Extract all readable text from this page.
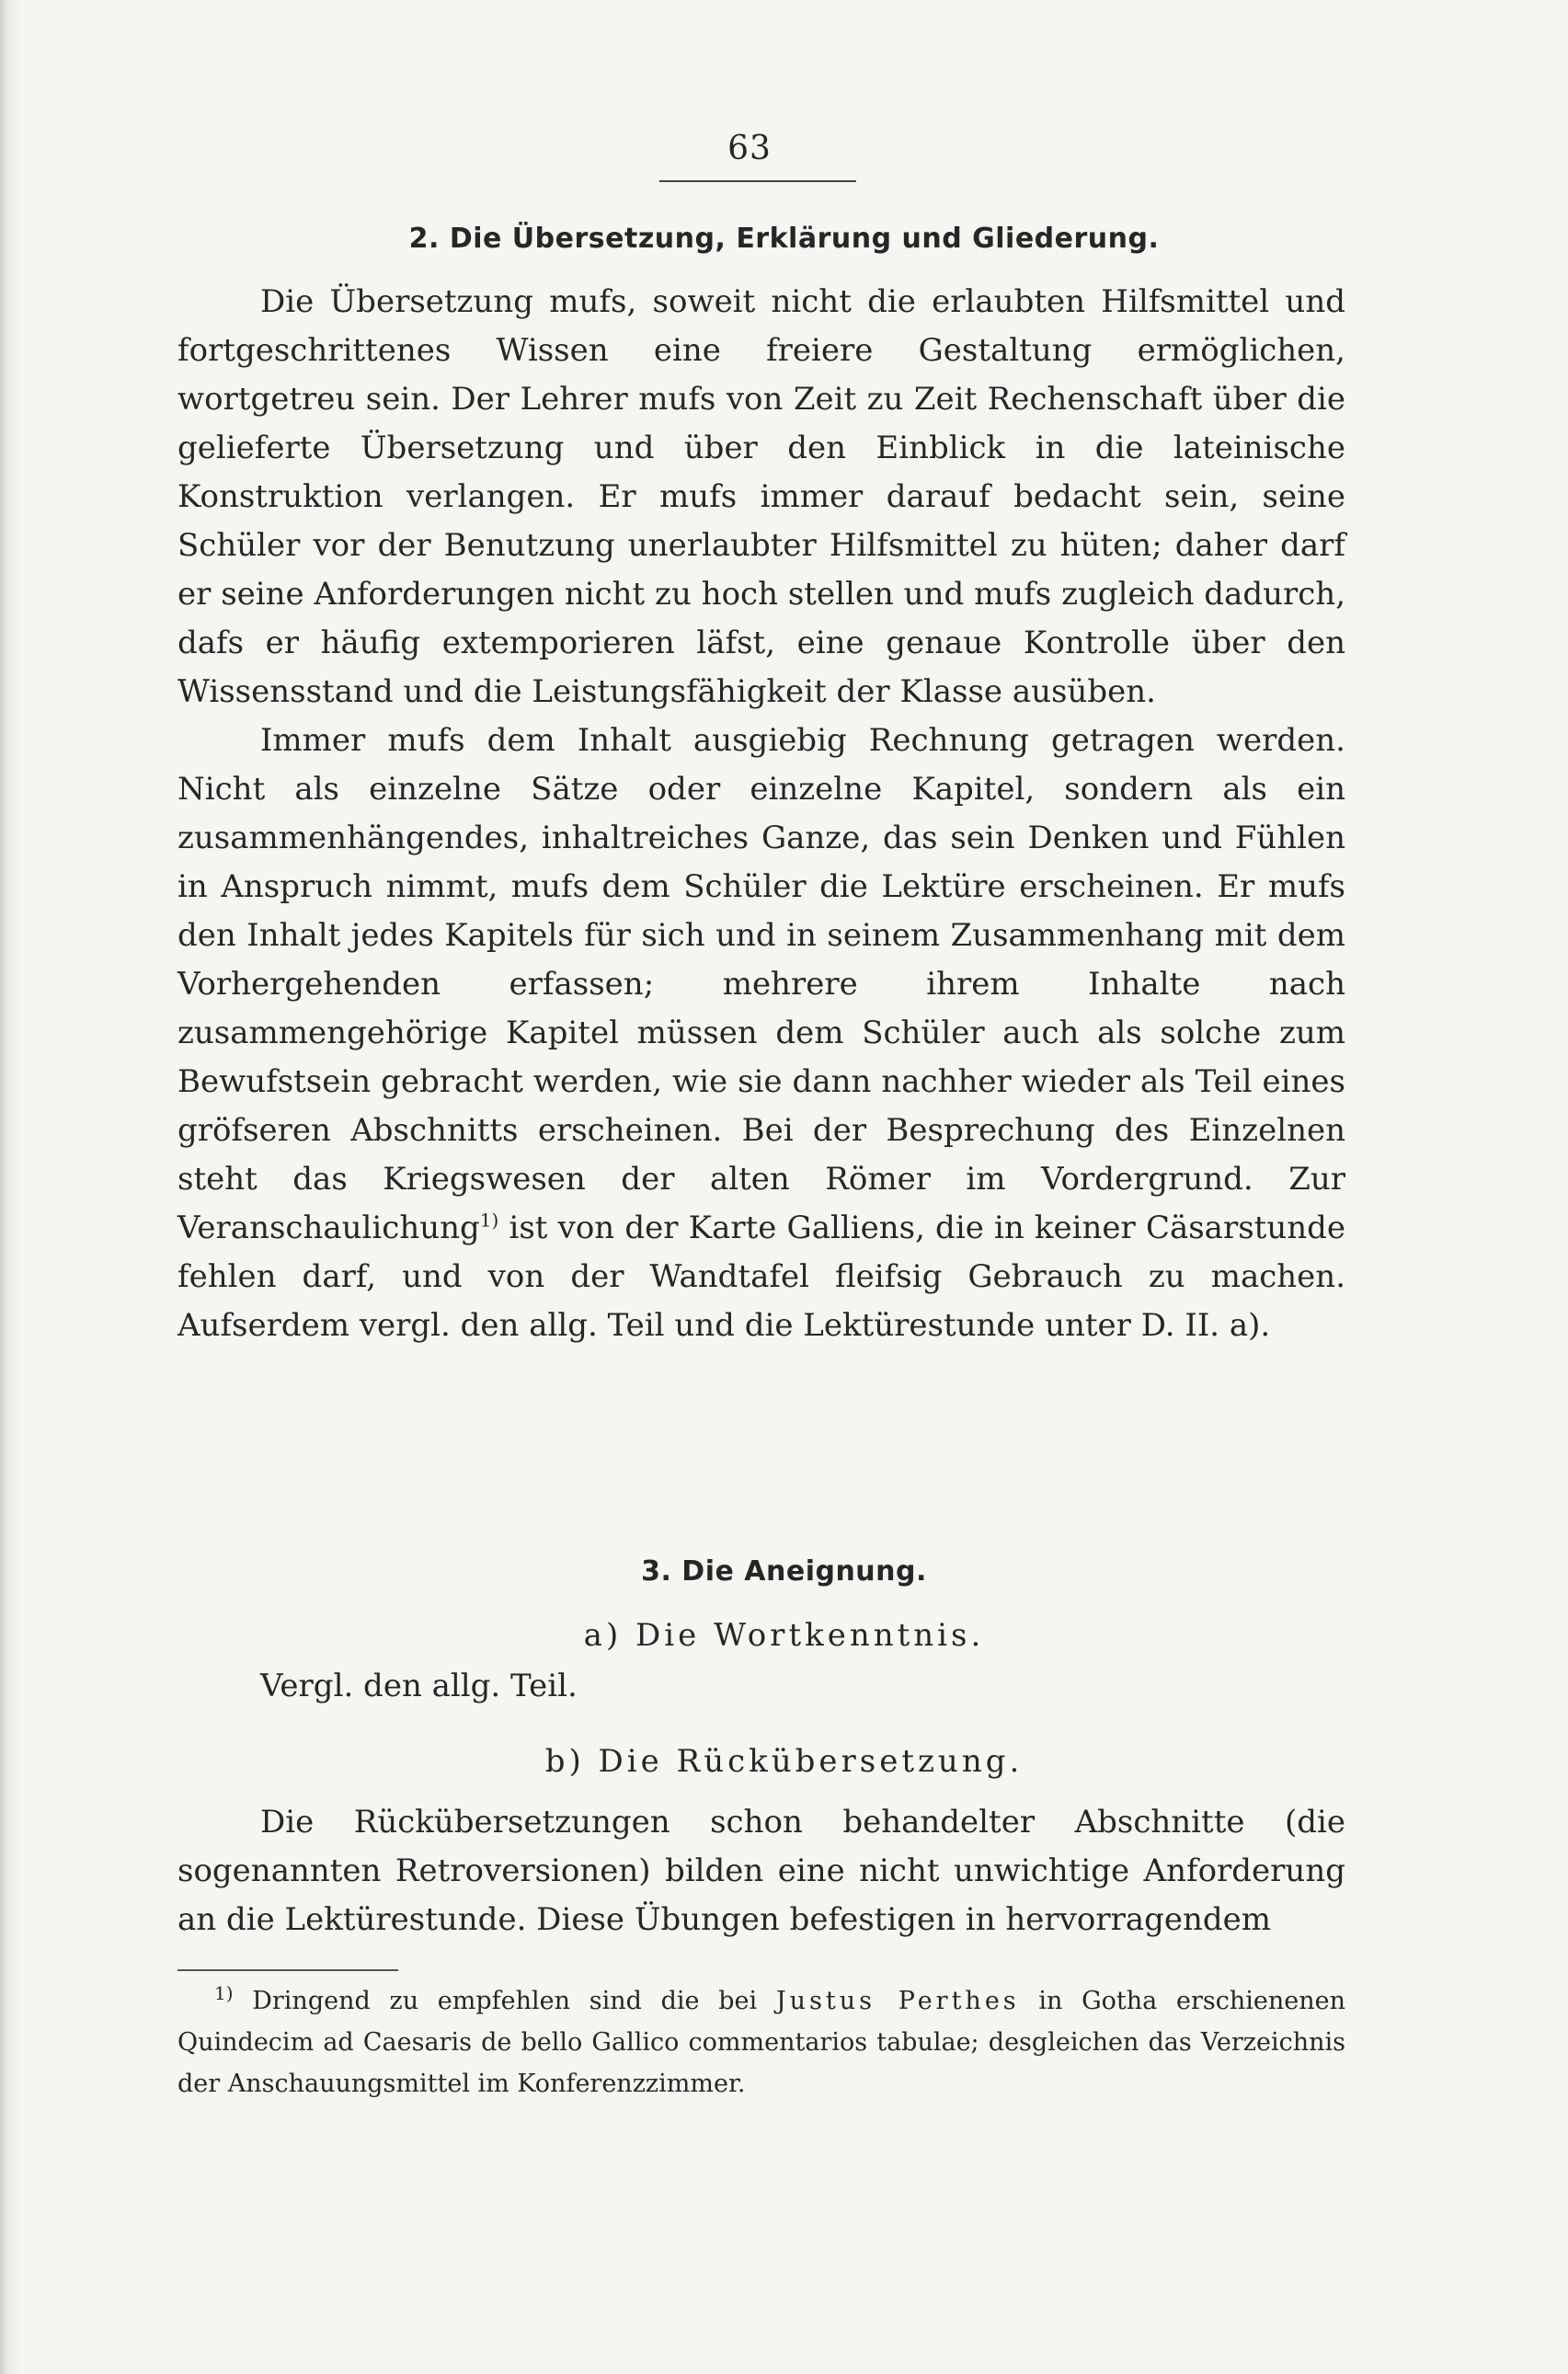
63
2. Die Übersetzung, Erklärung und Gliederung.

Die Übersetzung mufs, soweit nicht die erlaubten Hilfsmittel und fortgeschrittenes Wissen eine freiere Gestaltung ermöglichen, wortgetreu sein. Der Lehrer mufs von Zeit zu Zeit Rechenschaft über die gelieferte Übersetzung und über den Einblick in die lateinische Konstruktion verlangen. Er mufs immer darauf bedacht sein, seine Schüler vor der Benutzung unerlaubter Hilfsmittel zu hüten; daher darf er seine Anforderungen nicht zu hoch stellen und mufs zugleich dadurch, dafs er häufig extemporieren läfst, eine genaue Kontrolle über den Wissensstand und die Leistungsfähigkeit der Klasse ausüben.

Immer mufs dem Inhalt ausgiebig Rechnung getragen werden. Nicht als einzelne Sätze oder einzelne Kapitel, sondern als ein zusammenhängendes, inhaltreiches Ganze, das sein Denken und Fühlen in Anspruch nimmt, mufs dem Schüler die Lektüre erscheinen. Er mufs den Inhalt jedes Kapitels für sich und in seinem Zusammenhang mit dem Vorhergehenden erfassen; mehrere ihrem Inhalte nach zusammengehörige Kapitel müssen dem Schüler auch als solche zum Bewufstsein gebracht werden, wie sie dann nachher wieder als Teil eines gröfseren Abschnitts erscheinen. Bei der Besprechung des Einzelnen steht das Kriegswesen der alten Römer im Vordergrund. Zur Veranschaulichung$^{1)}$ ist von der Karte Galliens, die in keiner Cäsarstunde fehlen darf, und von der Wandtafel fleifsig Gebrauch zu machen. Aufserdem vergl. den allg. Teil und die Lektürestunde unter D. II. a).

3. Die Aneignung.
a) Die Wortkenntnis.

Vergl. den allg. Teil.

b) Die Rückübersetzung.

Die Rückübersetzungen schon behandelter Abschnitte (die sogenannten Retroversionen) bilden eine nicht unwichtige Anforderung an die Lektürestunde. Diese Übungen befestigen in hervorragendem

$^{1)}$ Dringend zu empfehlen sind die bei Justus Perthes in Gotha erschienenen Quindecim ad Caesaris de bello Gallico commentarios tabulae; desgleichen das Verzeichnis der Anschauungsmittel im Konferenzzimmer.
